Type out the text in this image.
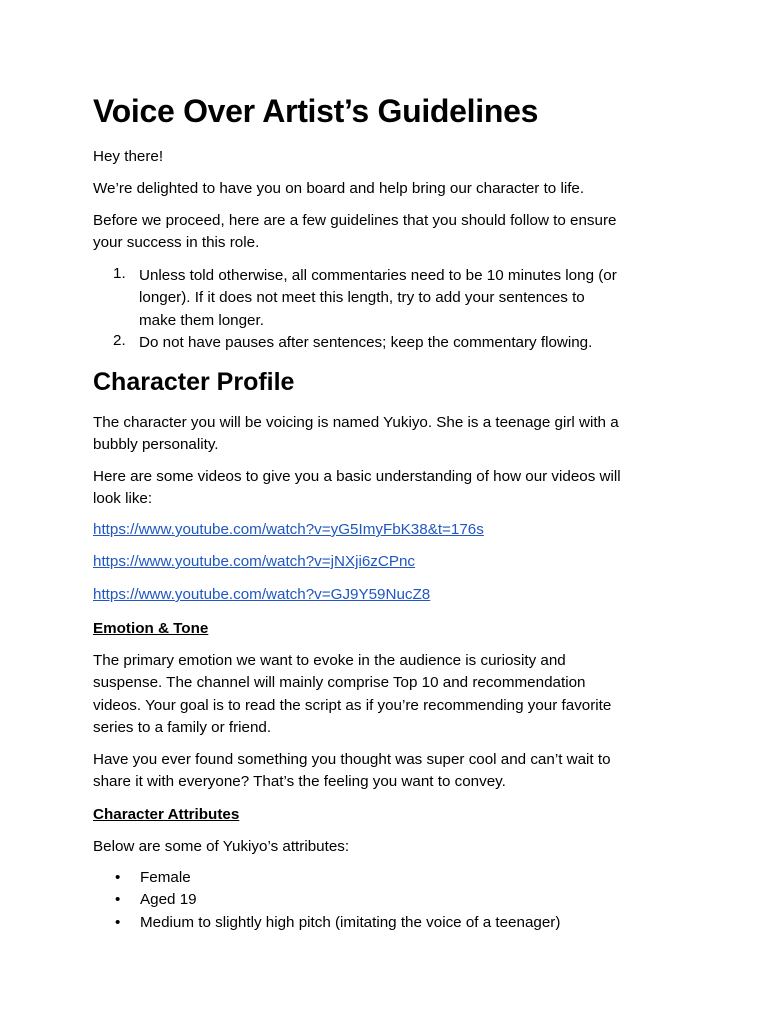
Voice Over Artist’s Guidelines

Hey there!

We’re delighted to have you on board and help bring our character to life.

Before we proceed, here are a few guidelines that you should follow to ensure
your success in this role.
1. Unless told otherwise, all commentaries need to be 10 minutes long (or
longer). If it does not meet this length, try to add your sentences to
make them longer.
2. Do not have pauses after sentences; keep the commentary flowing.
Character Profile
The character you will be voicing is named Yukiyo. She is a teenage girl with a
bubbly personality.
Here are some videos to give you a basic understanding of how our videos will
look like:
https://www.youtube.com/watch?v=yG5ImyFbK38&t=176s
https://www.youtube.com/watch?v=jNXji6zCPnc
https://www.youtube.com/watch?v=GJ9Y59NucZ8

Emotion & Tone

The primary emotion we want to evoke in the audience is curiosity and
suspense. The channel will mainly comprise Top 10 and recommendation
videos. Your goal is to read the script as if you’re recommending your favorite
series to a family or friend.
Have you ever found something you thought was super cool and can’t wait to
share it with everyone? That’s the feeling you want to convey.

Character Attributes

Below are some of Yukiyo’s attributes:

• Female
• Aged 19
• Medium to slightly high pitch (imitating the voice of a teenager)
